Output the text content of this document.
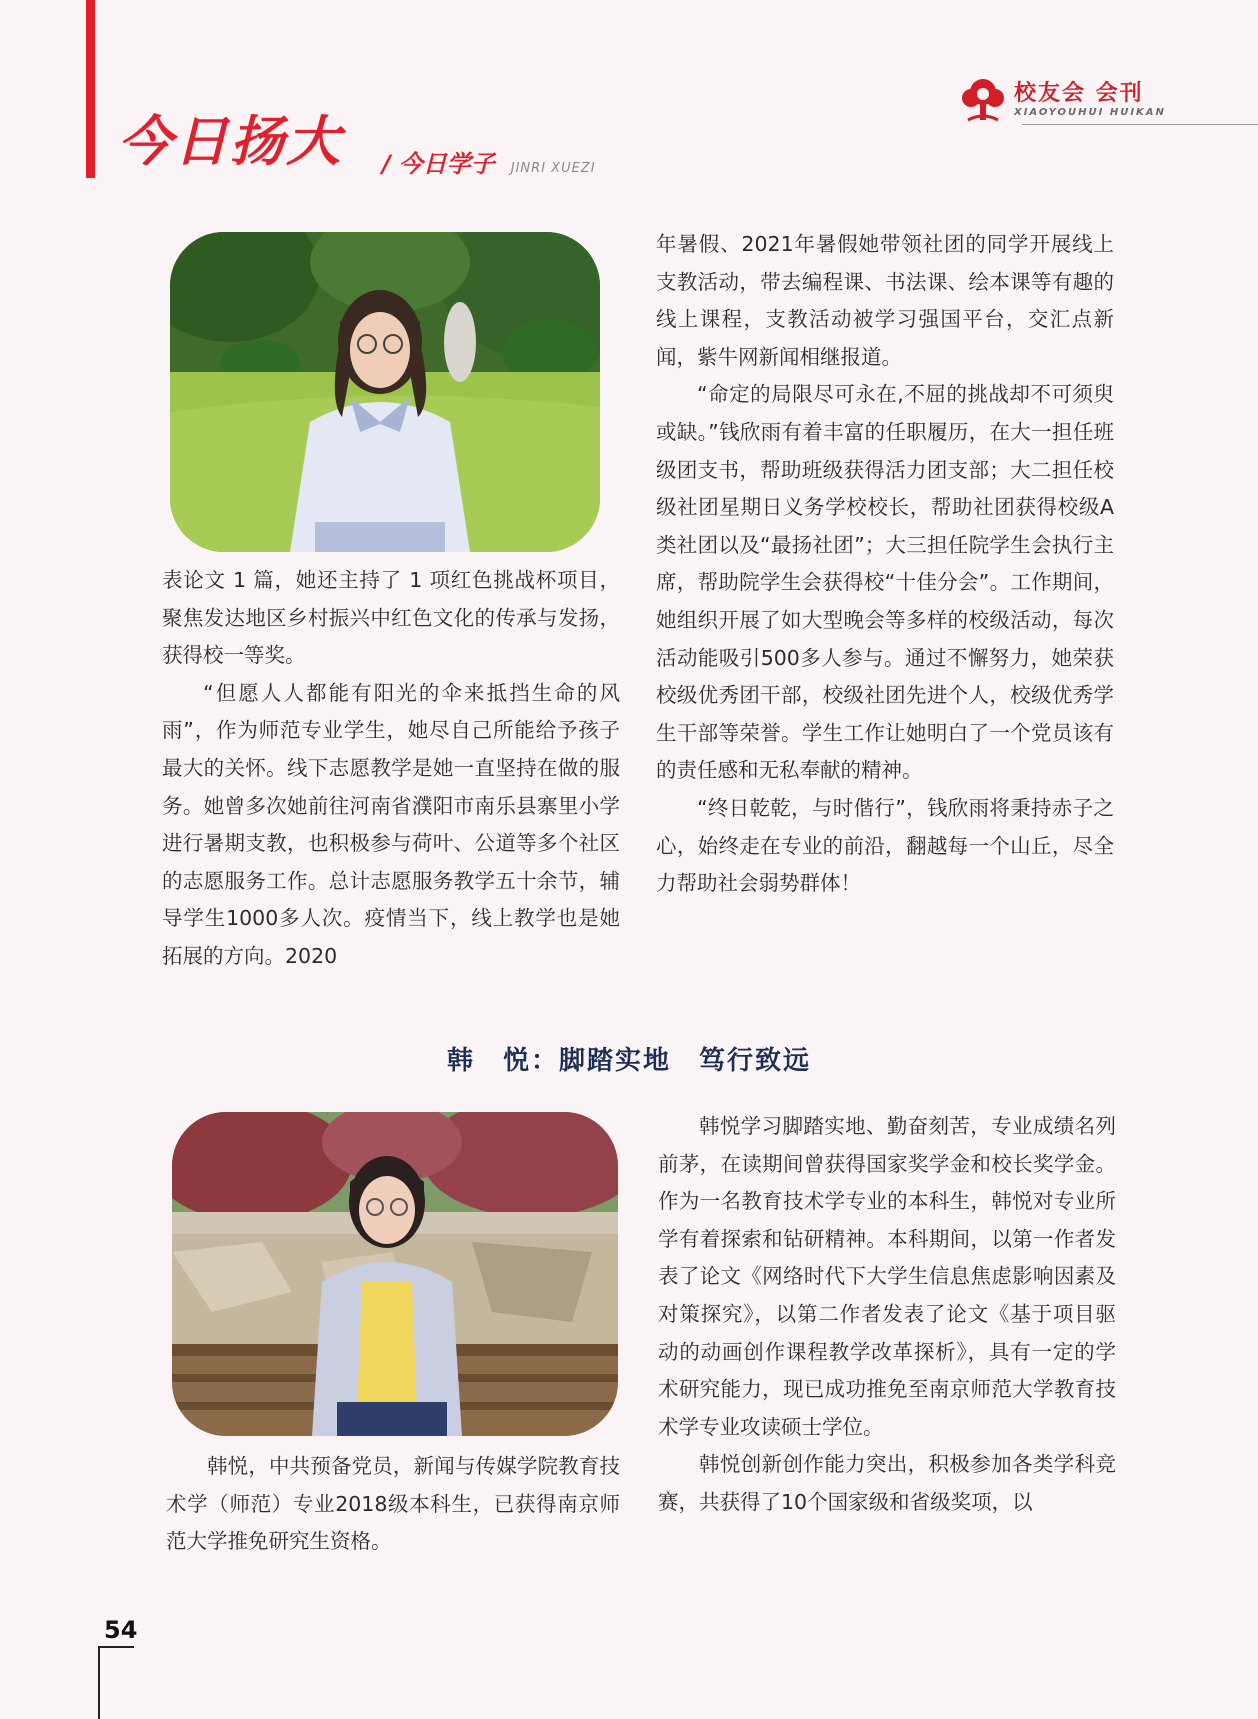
今日扬大 / 今日学子 JINRI XUEZI
校友会 会刊
XIAOYOUHUI HUIKAN

表论文 1 篇，她还主持了 1 项红色挑战杯项目，聚焦发达地区乡村振兴中红色文化的传承与发扬，获得校一等奖。

“但愿人人都能有阳光的伞来抵挡生命的风雨”，作为师范专业学生，她尽自己所能给予孩子最大的关怀。线下志愿教学是她一直坚持在做的服务。她曾多次她前往河南省濮阳市南乐县寨里小学进行暑期支教，也积极参与荷叶、公道等多个社区的志愿服务工作。总计志愿服务教学五十余节，辅导学生1000多人次。疫情当下，线上教学也是她拓展的方向。2020

年暑假、2021年暑假她带领社团的同学开展线上支教活动，带去编程课、书法课、绘本课等有趣的线上课程，支教活动被学习强国平台，交汇点新闻，紫牛网新闻相继报道。

“命定的局限尽可永在,不屈的挑战却不可须臾或缺。”钱欣雨有着丰富的任职履历，在大一担任班级团支书，帮助班级获得活力团支部；大二担任校级社团星期日义务学校校长，帮助社团获得校级A类社团以及“最扬社团”；大三担任院学生会执行主席，帮助院学生会获得校“十佳分会”。工作期间，她组织开展了如大型晚会等多样的校级活动，每次活动能吸引500多人参与。通过不懈努力，她荣获校级优秀团干部，校级社团先进个人，校级优秀学生干部等荣誉。学生工作让她明白了一个党员该有的责任感和无私奉献的精神。

“终日乾乾，与时偕行”，钱欣雨将秉持赤子之心，始终走在专业的前沿，翻越每一个山丘，尽全力帮助社会弱势群体！

韩　悦：脚踏实地　笃行致远

韩悦，中共预备党员，新闻与传媒学院教育技术学（师范）专业2018级本科生，已获得南京师范大学推免研究生资格。

韩悦学习脚踏实地、勤奋刻苦，专业成绩名列前茅，在读期间曾获得国家奖学金和校长奖学金。作为一名教育技术学专业的本科生，韩悦对专业所学有着探索和钻研精神。本科期间，以第一作者发表了论文《网络时代下大学生信息焦虑影响因素及对策探究》，以第二作者发表了论文《基于项目驱动的动画创作课程教学改革探析》，具有一定的学术研究能力，现已成功推免至南京师范大学教育技术学专业攻读硕士学位。

韩悦创新创作能力突出，积极参加各类学科竞赛，共获得了10个国家级和省级奖项，以

54
